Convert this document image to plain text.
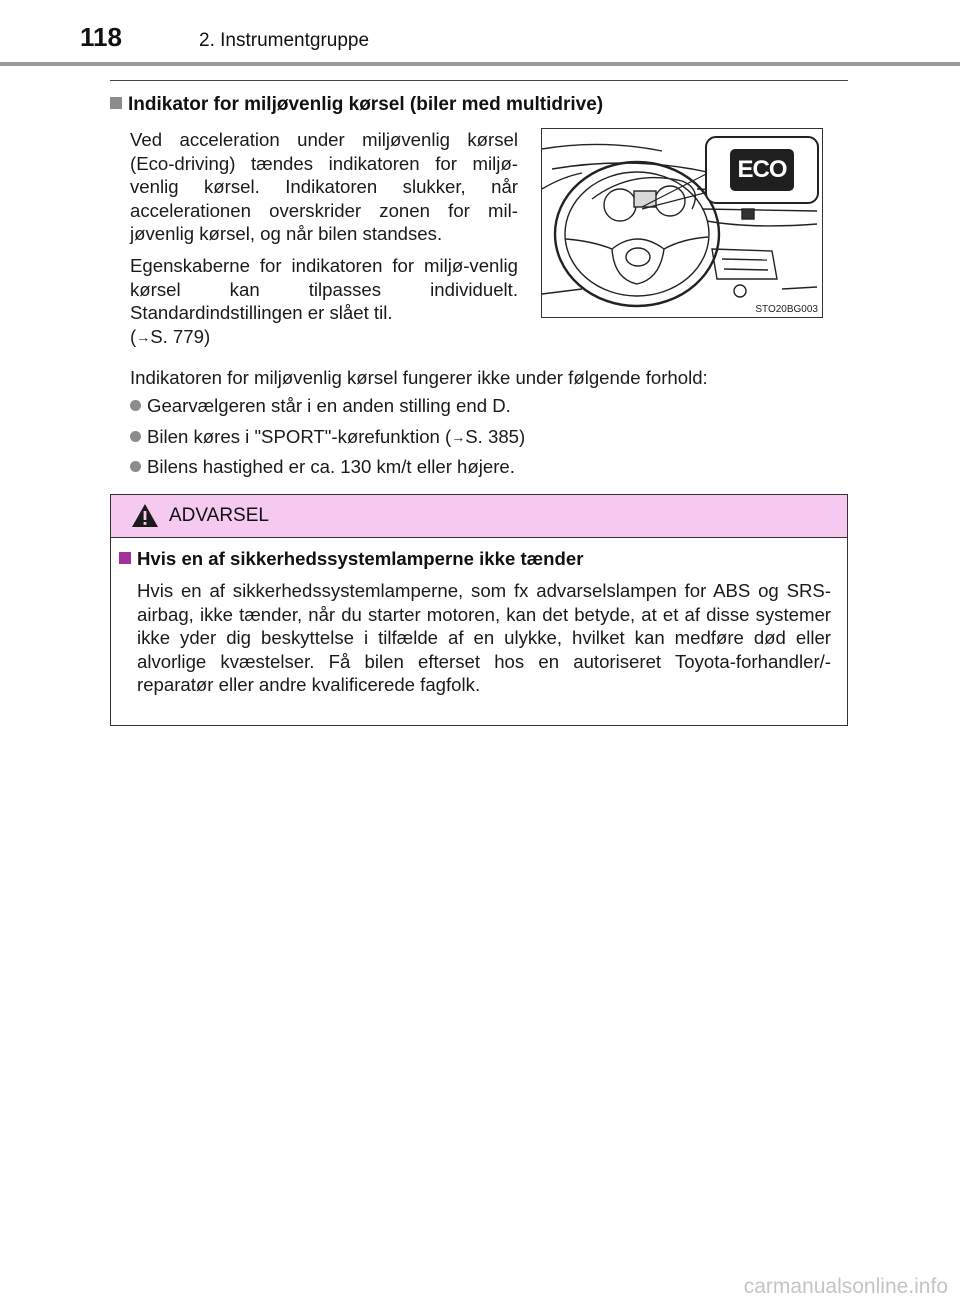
118	2. Instrumentgruppe
Indikator for miljøvenlig kørsel (biler med multidrive)
Ved acceleration under miljøvenlig kørsel (Eco-driving) tændes indikatoren for miljø-venlig kørsel. Indikatoren slukker, når accelerationen overskrider zonen for mil-jøvenlig kørsel, og når bilen standses.
Egenskaberne for indikatoren for miljø-venlig kørsel kan tilpasses individuelt. Standardindstillingen er slået til.
(→S. 779)
Indikatoren for miljøvenlig kørsel fungerer ikke under følgende forhold:
Gearvælgeren står i en anden stilling end D.
Bilen køres i "SPORT"-kørefunktion (→S. 385)
Bilens hastighed er ca. 130 km/t eller højere.
ECO
STO20BG003
ADVARSEL
Hvis en af sikkerhedssystemlamperne ikke tænder
Hvis en af sikkerhedssystemlamperne, som fx advarselslampen for ABS og SRS-airbag, ikke tænder, når du starter motoren, kan det betyde, at et af disse systemer ikke yder dig beskyttelse i tilfælde af en ulykke, hvilket kan medføre død eller alvorlige kvæstelser. Få bilen efterset hos en autoriseret Toyota-forhandler/-reparatør eller andre kvalificerede fagfolk.
carmanualsonline.info
